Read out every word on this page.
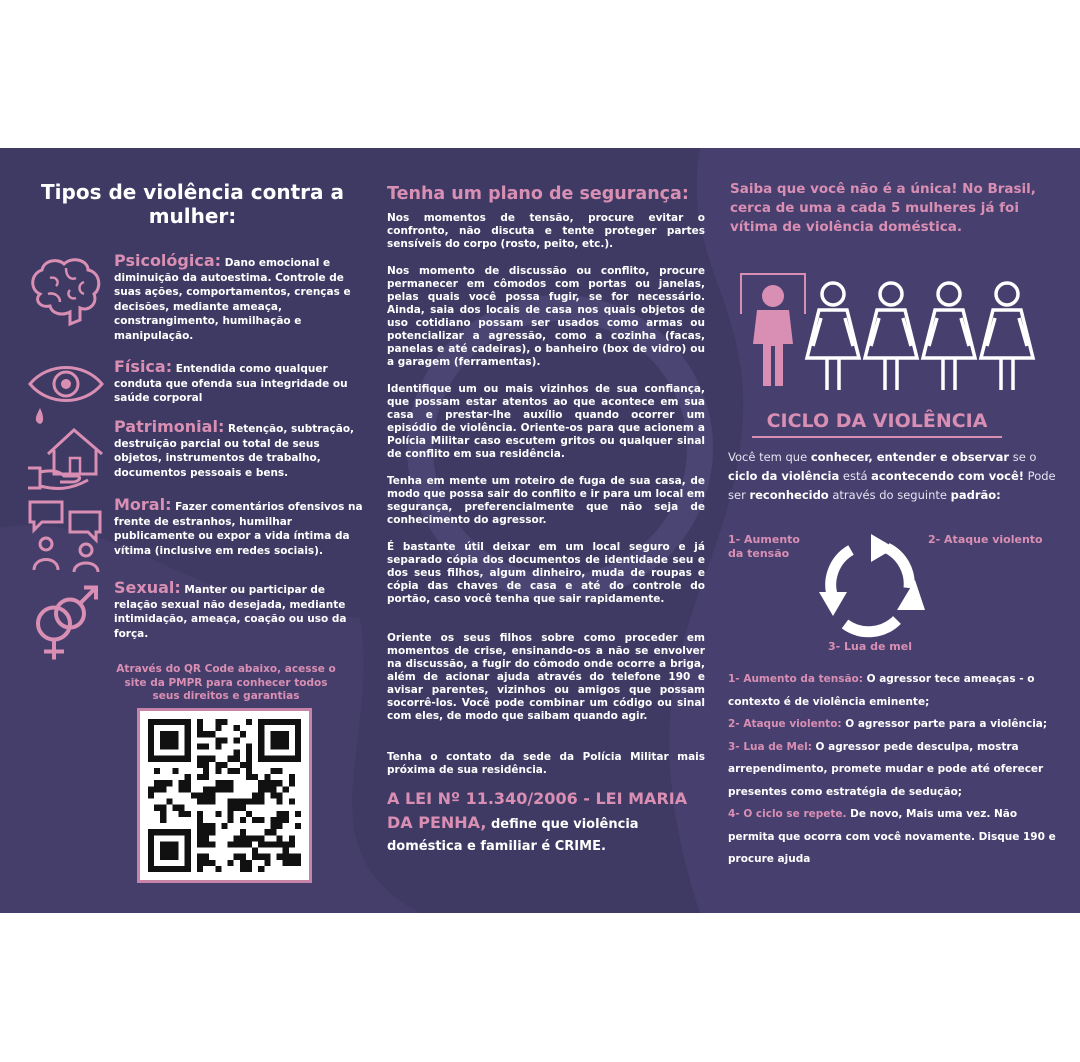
Tipos de violência contra a mulher:
Psicológica: Dano emocional e diminuição da autoestima. Controle de suas ações, comportamentos, crenças e decisões, mediante ameaça, constrangimento, humilhação e manipulação.
Física: Entendida como qualquer conduta que ofenda sua integridade ou saúde corporal
Patrimonial: Retenção, subtração, destruição parcial ou total de seus objetos, instrumentos de trabalho, documentos pessoais e bens.
Moral: Fazer comentários ofensivos na frente de estranhos, humilhar publicamente ou expor a vida íntima da vítima (inclusive em redes sociais).
Sexual: Manter ou participar de relação sexual não desejada, mediante intimidação, ameaça, coação ou uso da força.
Através do QR Code abaixo, acesse o site da PMPR para conhecer todos seus direitos e garantias
Tenha um plano de segurança:
Nos momentos de tensão, procure evitar o confronto, não discuta e tente proteger partes sensíveis do corpo (rosto, peito, etc.).
Nos momento de discussão ou conflito, procure permanecer em cômodos com portas ou janelas, pelas quais você possa fugir, se for necessário. Ainda, saia dos locais de casa nos quais objetos de uso cotidiano possam ser usados como armas ou potencializar a agressão, como a cozinha (facas, panelas e até cadeiras), o banheiro (box de vidro) ou a garagem (ferramentas).
Identifique um ou mais vizinhos de sua confiança, que possam estar atentos ao que acontece em sua casa e prestar-lhe auxílio quando ocorrer um episódio de violência. Oriente-os para que acionem a Polícia Militar caso escutem gritos ou qualquer sinal de conflito em sua residência.
Tenha em mente um roteiro de fuga de sua casa, de modo que possa sair do conflito e ir para um local em segurança, preferencialmente que não seja de conhecimento do agressor.
É bastante útil deixar em um local seguro e já separado cópia dos documentos de identidade seu e dos seus filhos, algum dinheiro, muda de roupas e cópia das chaves de casa e até do controle do portão, caso você tenha que sair rapidamente.
Oriente os seus filhos sobre como proceder em momentos de crise, ensinando-os a não se envolver na discussão, a fugir do cômodo onde ocorre a briga, além de acionar ajuda através do telefone 190 e avisar parentes, vizinhos ou amigos que possam socorrê-los. Você pode combinar um código ou sinal com eles, de modo que saibam quando agir.
Tenha o contato da sede da Polícia Militar mais próxima de sua residência.
A LEI Nº 11.340/2006 - LEI MARIA DA PENHA, define que violência doméstica e familiar é CRIME.
Saiba que você não é a única! No Brasil, cerca de uma a cada 5 mulheres já foi vítima de violência doméstica.
CICLO DA VIOLÊNCIA
Você tem que conhecer, entender e observar se o ciclo da violência está acontecendo com você! Pode ser reconhecido através do seguinte padrão:
1- Aumento da tensão
2- Ataque violento
3- Lua de mel
1- Aumento da tensão: O agressor tece ameaças - o contexto é de violência eminente;
2- Ataque violento: O agressor parte para a violência;
3- Lua de Mel: O agressor pede desculpa, mostra arrependimento, promete mudar e pode até oferecer presentes como estratégia de sedução;
4- O ciclo se repete. De novo, Mais uma vez. Não permita que ocorra com você novamente. Disque 190 e procure ajuda
